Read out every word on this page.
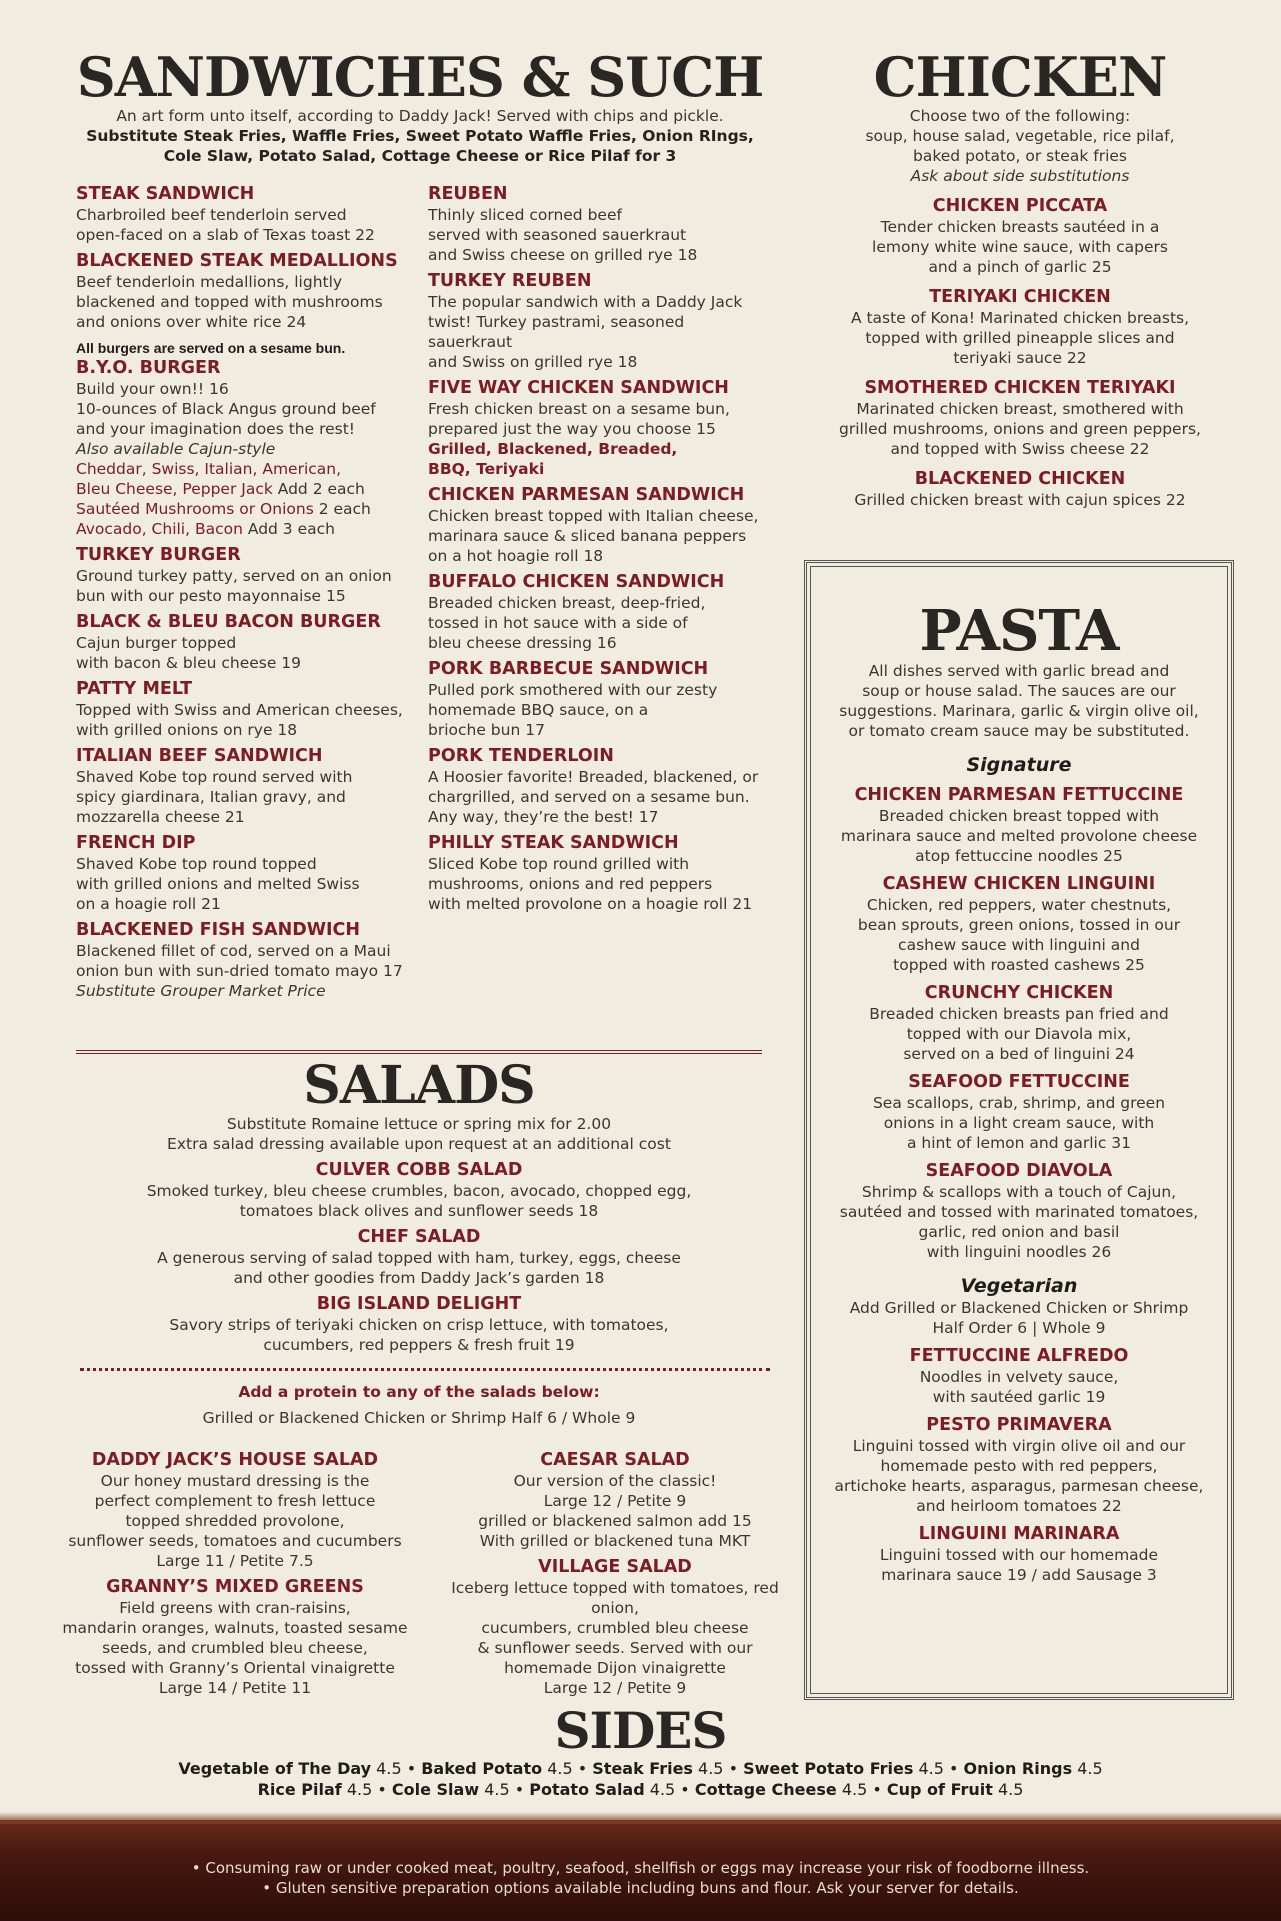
SANDWICHES & SUCH
An art form unto itself, according to Daddy Jack! Served with chips and pickle.
Substitute Steak Fries, Waffle Fries, Sweet Potato Waffle Fries, Onion RIngs,
Cole Slaw, Potato Salad, Cottage Cheese or Rice Pilaf for 3
STEAK SANDWICH
Charbroiled beef tenderloin served
open-faced on a slab of Texas toast 22
BLACKENED STEAK MEDALLIONS
Beef tenderloin medallions, lightly
blackened and topped with mushrooms
and onions over white rice 24
All burgers are served on a sesame bun.
B.Y.O. BURGER
Build your own!! 16
10-ounces of Black Angus ground beef
and your imagination does the rest!
Also available Cajun-style
Cheddar, Swiss, Italian, American,
Bleu Cheese, Pepper Jack Add 2 each
Sautéed Mushrooms or Onions 2 each
Avocado, Chili, Bacon Add 3 each
TURKEY BURGER
Ground turkey patty, served on an onion
bun with our pesto mayonnaise 15
BLACK & BLEU BACON BURGER
Cajun burger topped
with bacon & bleu cheese 19
PATTY MELT
Topped with Swiss and American cheeses,
with grilled onions on rye 18
ITALIAN BEEF SANDWICH
Shaved Kobe top round served with
spicy giardinara, Italian gravy, and
mozzarella cheese 21
FRENCH DIP
Shaved Kobe top round topped
with grilled onions and melted Swiss
on a hoagie roll 21
BLACKENED FISH SANDWICH
Blackened fillet of cod, served on a Maui
onion bun with sun-dried tomato mayo 17
Substitute Grouper Market Price
REUBEN
Thinly sliced corned beef
served with seasoned sauerkraut
and Swiss cheese on grilled rye 18
TURKEY REUBEN
The popular sandwich with a Daddy Jack
twist! Turkey pastrami, seasoned sauerkraut
and Swiss on grilled rye 18
FIVE WAY CHICKEN SANDWICH
Fresh chicken breast on a sesame bun,
prepared just the way you choose 15
Grilled, Blackened, Breaded,
BBQ, Teriyaki
CHICKEN PARMESAN SANDWICH
Chicken breast topped with Italian cheese,
marinara sauce & sliced banana peppers
on a hot hoagie roll 18
BUFFALO CHICKEN SANDWICH
Breaded chicken breast, deep-fried,
tossed in hot sauce with a side of
bleu cheese dressing 16
PORK BARBECUE SANDWICH
Pulled pork smothered with our zesty
homemade BBQ sauce, on a
brioche bun 17
PORK TENDERLOIN
A Hoosier favorite! Breaded, blackened, or
chargrilled, and served on a sesame bun.
Any way, they’re the best! 17
PHILLY STEAK SANDWICH
Sliced Kobe top round grilled with
mushrooms, onions and red peppers
with melted provolone on a hoagie roll 21
CHICKEN
Choose two of the following:
soup, house salad, vegetable, rice pilaf,
baked potato, or steak fries
Ask about side substitutions
CHICKEN PICCATA
Tender chicken breasts sautéed in a
lemony white wine sauce, with capers
and a pinch of garlic 25
TERIYAKI CHICKEN
A taste of Kona! Marinated chicken breasts,
topped with grilled pineapple slices and
teriyaki sauce 22
SMOTHERED CHICKEN TERIYAKI
Marinated chicken breast, smothered with
grilled mushrooms, onions and green peppers,
and topped with Swiss cheese 22
BLACKENED CHICKEN
Grilled chicken breast with cajun spices 22
PASTA
All dishes served with garlic bread and
soup or house salad. The sauces are our
suggestions. Marinara, garlic & virgin olive oil,
or tomato cream sauce may be substituted.
Signature
CHICKEN PARMESAN FETTUCCINE
Breaded chicken breast topped with
marinara sauce and melted provolone cheese
atop fettuccine noodles 25
CASHEW CHICKEN LINGUINI
Chicken, red peppers, water chestnuts,
bean sprouts, green onions, tossed in our
cashew sauce with linguini and
topped with roasted cashews 25
CRUNCHY CHICKEN
Breaded chicken breasts pan fried and
topped with our Diavola mix,
served on a bed of linguini 24
SEAFOOD FETTUCCINE
Sea scallops, crab, shrimp, and green
onions in a light cream sauce, with
a hint of lemon and garlic 31
SEAFOOD DIAVOLA
Shrimp & scallops with a touch of Cajun,
sautéed and tossed with marinated tomatoes,
garlic, red onion and basil
with linguini noodles 26
Vegetarian
Add Grilled or Blackened Chicken or Shrimp
Half Order 6 | Whole 9
FETTUCCINE ALFREDO
Noodles in velvety sauce,
with sautéed garlic 19
PESTO PRIMAVERA
Linguini tossed with virgin olive oil and our
homemade pesto with red peppers,
artichoke hearts, asparagus, parmesan cheese,
and heirloom tomatoes 22
LINGUINI MARINARA
Linguini tossed with our homemade
marinara sauce 19 / add Sausage 3
SALADS
Substitute Romaine lettuce or spring mix for 2.00
Extra salad dressing available upon request at an additional cost
CULVER COBB SALAD
Smoked turkey, bleu cheese crumbles, bacon, avocado, chopped egg,
tomatoes black olives and sunflower seeds 18
CHEF SALAD
A generous serving of salad topped with ham, turkey, eggs, cheese
and other goodies from Daddy Jack’s garden 18
BIG ISLAND DELIGHT
Savory strips of teriyaki chicken on crisp lettuce, with tomatoes,
cucumbers, red peppers & fresh fruit 19
Add a protein to any of the salads below:
Grilled or Blackened Chicken or Shrimp Half 6 / Whole 9
DADDY JACK’S HOUSE SALAD
Our honey mustard dressing is the
perfect complement to fresh lettuce
topped shredded provolone,
sunflower seeds, tomatoes and cucumbers
Large 11 / Petite 7.5
GRANNY’S MIXED GREENS
Field greens with cran-raisins,
mandarin oranges, walnuts, toasted sesame
seeds, and crumbled bleu cheese,
tossed with Granny’s Oriental vinaigrette
Large 14 / Petite 11
CAESAR SALAD
Our version of the classic!
Large 12 / Petite 9
grilled or blackened salmon add 15
With grilled or blackened tuna MKT
VILLAGE SALAD
Iceberg lettuce topped with tomatoes, red onion,
cucumbers, crumbled bleu cheese
& sunflower seeds. Served with our
homemade Dijon vinaigrette
Large 12 / Petite 9
SIDES
Vegetable of The Day 4.5 • Baked Potato 4.5 • Steak Fries 4.5 • Sweet Potato Fries 4.5 • Onion Rings 4.5
Rice Pilaf 4.5 • Cole Slaw 4.5 • Potato Salad 4.5 • Cottage Cheese 4.5 • Cup of Fruit 4.5
• Consuming raw or under cooked meat, poultry, seafood, shellfish or eggs may increase your risk of foodborne illness.
• Gluten sensitive preparation options available including buns and flour. Ask your server for details.
